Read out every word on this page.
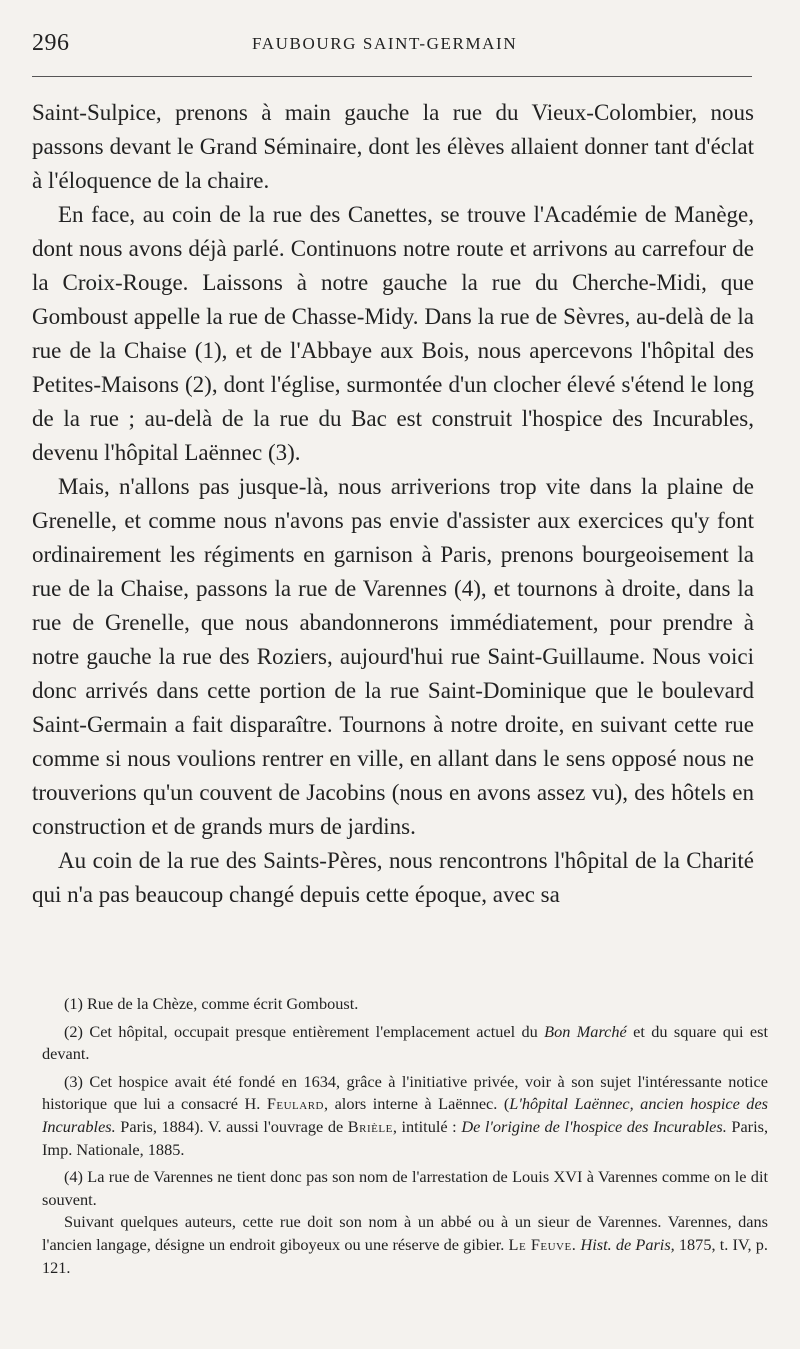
296	FAUBOURG SAINT-GERMAIN

Saint-Sulpice, prenons à main gauche la rue du Vieux-Colombier, nous passons devant le Grand Séminaire, dont les élèves allaient donner tant d'éclat à l'éloquence de la chaire.

En face, au coin de la rue des Canettes, se trouve l'Académie de Manège, dont nous avons déjà parlé. Continuons notre route et arrivons au carrefour de la Croix-Rouge. Laissons à notre gauche la rue du Cherche-Midi, que Gomboust appelle la rue de Chasse-Midy. Dans la rue de Sèvres, au-delà de la rue de la Chaise (1), et de l'Abbaye aux Bois, nous apercevons l'hôpital des Petites-Maisons (2), dont l'église, surmontée d'un clocher élevé s'étend le long de la rue ; au-delà de la rue du Bac est construit l'hospice des Incurables, devenu l'hôpital Laënnec (3).

Mais, n'allons pas jusque-là, nous arriverions trop vite dans la plaine de Grenelle, et comme nous n'avons pas envie d'assister aux exercices qu'y font ordinairement les régiments en garnison à Paris, prenons bourgeoisement la rue de la Chaise, passons la rue de Varennes (4), et tournons à droite, dans la rue de Grenelle, que nous abandonnerons immédiatement, pour prendre à notre gauche la rue des Roziers, aujourd'hui rue Saint-Guillaume. Nous voici donc arrivés dans cette portion de la rue Saint-Dominique que le boulevard Saint-Germain a fait disparaître. Tournons à notre droite, en suivant cette rue comme si nous voulions rentrer en ville, en allant dans le sens opposé nous ne trouverions qu'un couvent de Jacobins (nous en avons assez vu), des hôtels en construction et de grands murs de jardins.

Au coin de la rue des Saints-Pères, nous rencontrons l'hôpital de la Charité qui n'a pas beaucoup changé depuis cette époque, avec sa

(1) Rue de la Chèze, comme écrit Gomboust.

(2) Cet hôpital, occupait presque entièrement l'emplacement actuel du Bon Marché et du square qui est devant.

(3) Cet hospice avait été fondé en 1634, grâce à l'initiative privée, voir à son sujet l'intéressante notice historique que lui a consacré H. Feulard, alors interne à Laënnec. (L'hôpital Laënnec, ancien hospice des Incurables. Paris, 1884). V. aussi l'ouvrage de Brièle, intitulé : De l'origine de l'hospice des Incurables. Paris, Imp. Nationale, 1885.

(4) La rue de Varennes ne tient donc pas son nom de l'arrestation de Louis XVI à Varennes comme on le dit souvent.

Suivant quelques auteurs, cette rue doit son nom à un abbé ou à un sieur de Varennes. Varennes, dans l'ancien langage, désigne un endroit giboyeux ou une réserve de gibier. Le Feuve. Hist. de Paris, 1875, t. IV, p. 121.
